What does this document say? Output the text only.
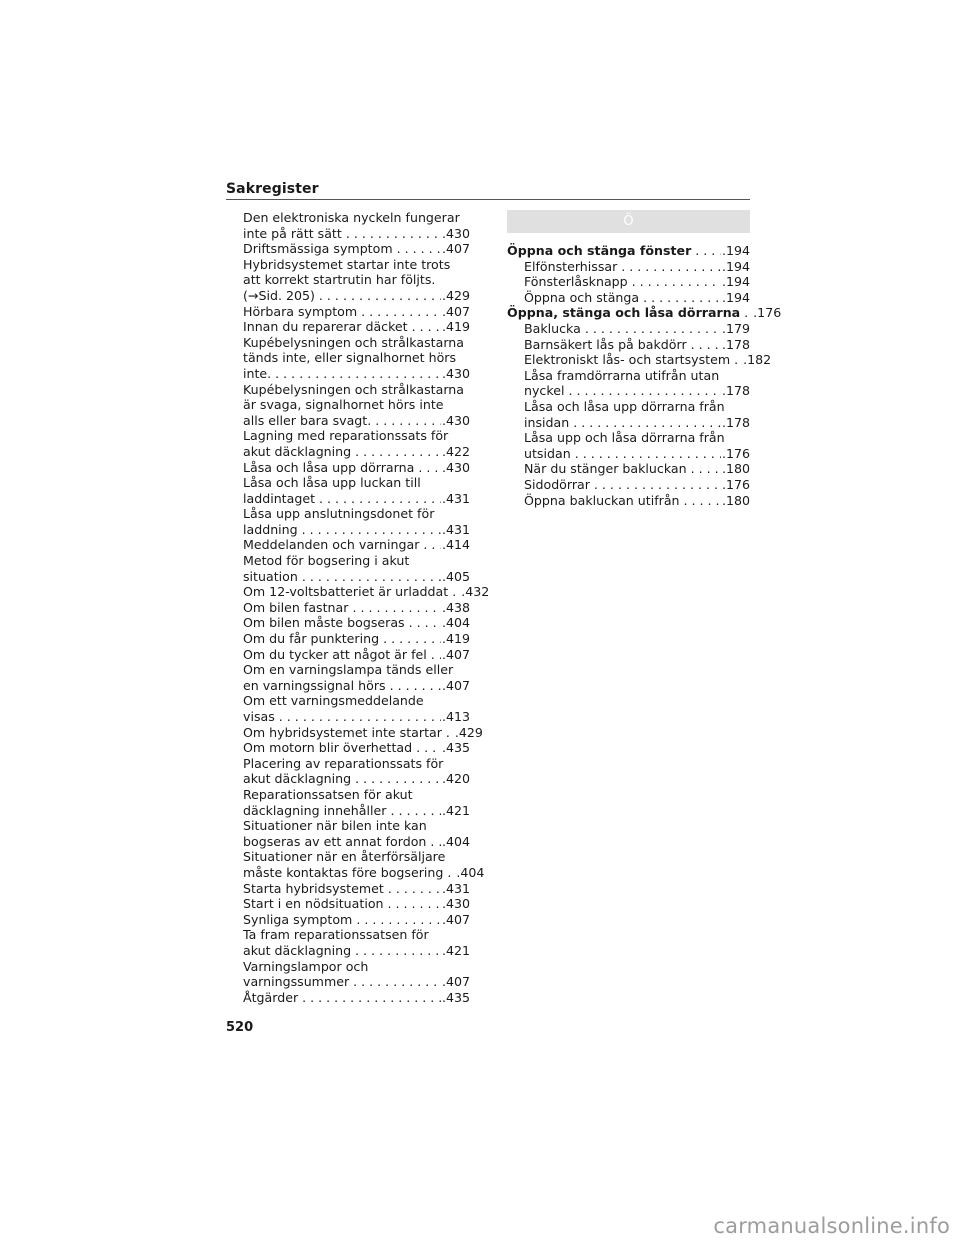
Sakregister
Den elektroniska nyckeln fungerar
inte på rätt sätt . . .	.430
Driftsmässiga symptom . . .	.407
Hybridsystemet startar inte trots
att korrekt startrutin har följts.
(→Sid. 205) . . .	.429
Hörbara symptom . . .	.407
Innan du reparerar däcket . . .	.419
Kupébelysningen och strålkastarna
tänds inte, eller signalhornet hörs
inte. . . .	.430
Kupébelysningen och strålkastarna
är svaga, signalhornet hörs inte
alls eller bara svagt. . . .	.430
Lagning med reparationssats för
akut däcklagning . . .	.422
Låsa och låsa upp dörrarna . . . .430
Låsa och låsa upp luckan till
laddintaget . . .	.431
Låsa upp anslutningsdonet för
laddning . . .	.431
Meddelanden och varningar . . . .414
Metod för bogsering i akut
situation . . .	.405
Om 12-voltsbatteriet är urladdat . . . .432
Om bilen fastnar . . .	.438
Om bilen måste bogseras . . .	.404
Om du får punktering . . .	.419
Om du tycker att något är fel . . . .407
Om en varningslampa tänds eller
en varningssignal hörs . . .	.407
Om ett varningsmeddelande
visas . . .	.413
Om hybridsystemet inte startar . . . .429
Om motorn blir överhettad . . . .435
Placering av reparationssats för
akut däcklagning . . .	.420
Reparationssatsen för akut
däcklagning innehåller . . .	.421
Situationer när bilen inte kan
bogseras av ett annat fordon . . . .404
Situationer när en återförsäljare
måste kontaktas före bogsering . . . .404
Starta hybridsystemet . . .	.431
Start i en nödsituation . . .	.430
Synliga symptom . . .	.407
Ta fram reparationssatsen för
akut däcklagning . . .	.421
Varningslampor och
varningssummer . . .	.407
Åtgärder . . .	.435
Ö
Öppna och stänga fönster . . . .194
Elfönsterhissar . . .	.194
Fönsterlåsknapp . . .	.194
Öppna och stänga . . .	.194
Öppna, stänga och låsa dörrarna . . . .176
Baklucka . . .	.179
Barnsäkert lås på bakdörr . . .	.178
Elektroniskt lås- och startsystem . . . .182
Låsa framdörrarna utifrån utan
nyckel . . .	.178
Låsa och låsa upp dörrarna från
insidan . . .	.178
Låsa upp och låsa dörrarna från
utsidan . . .	.176
När du stänger bakluckan . . .	.180
Sidodörrar . . .	.176
Öppna bakluckan utifrån . . .	.180
520
carmanualsonline.info
